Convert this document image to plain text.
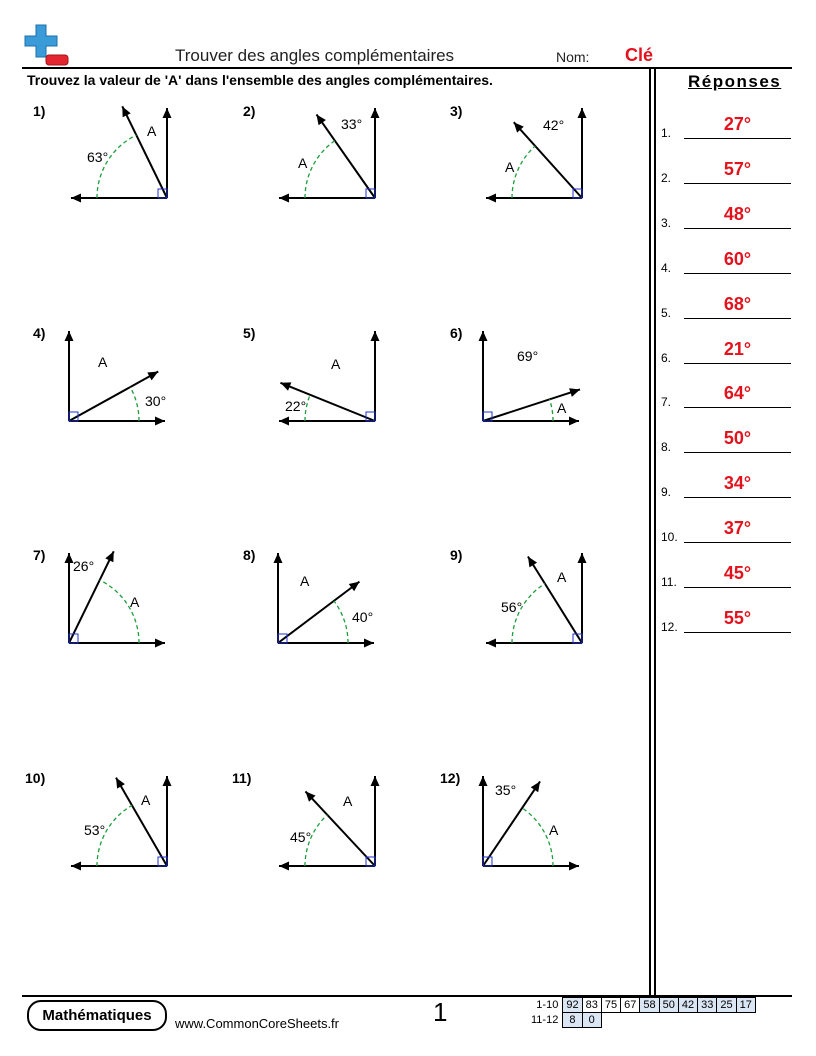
Trouver des angles complémentaires	Nom: Clé
Trouvez la valeur de 'A' dans l'ensemble des angles complémentaires.
1)
63°
A
2)
33°
A
3)
42°
A
4)
30°
A
5)
22°
A
6)
69°
A
7)
26°
A
8)
40°
A
9)
56°
A
10)
53°
A
11)
45°
A
12)
35°
A
Réponses
1.	27°
2.	57°
3.	48°
4.	60°
5.	68°
6.	21°
7.	64°
8.	50°
9.	34°
10.	37°
11.	45°
12.	55°
Mathématiques	www.CommonCoreSheets.fr	1	1-10	92	83	75	67	58	50	42	33	25	17
11-12	8	0								
